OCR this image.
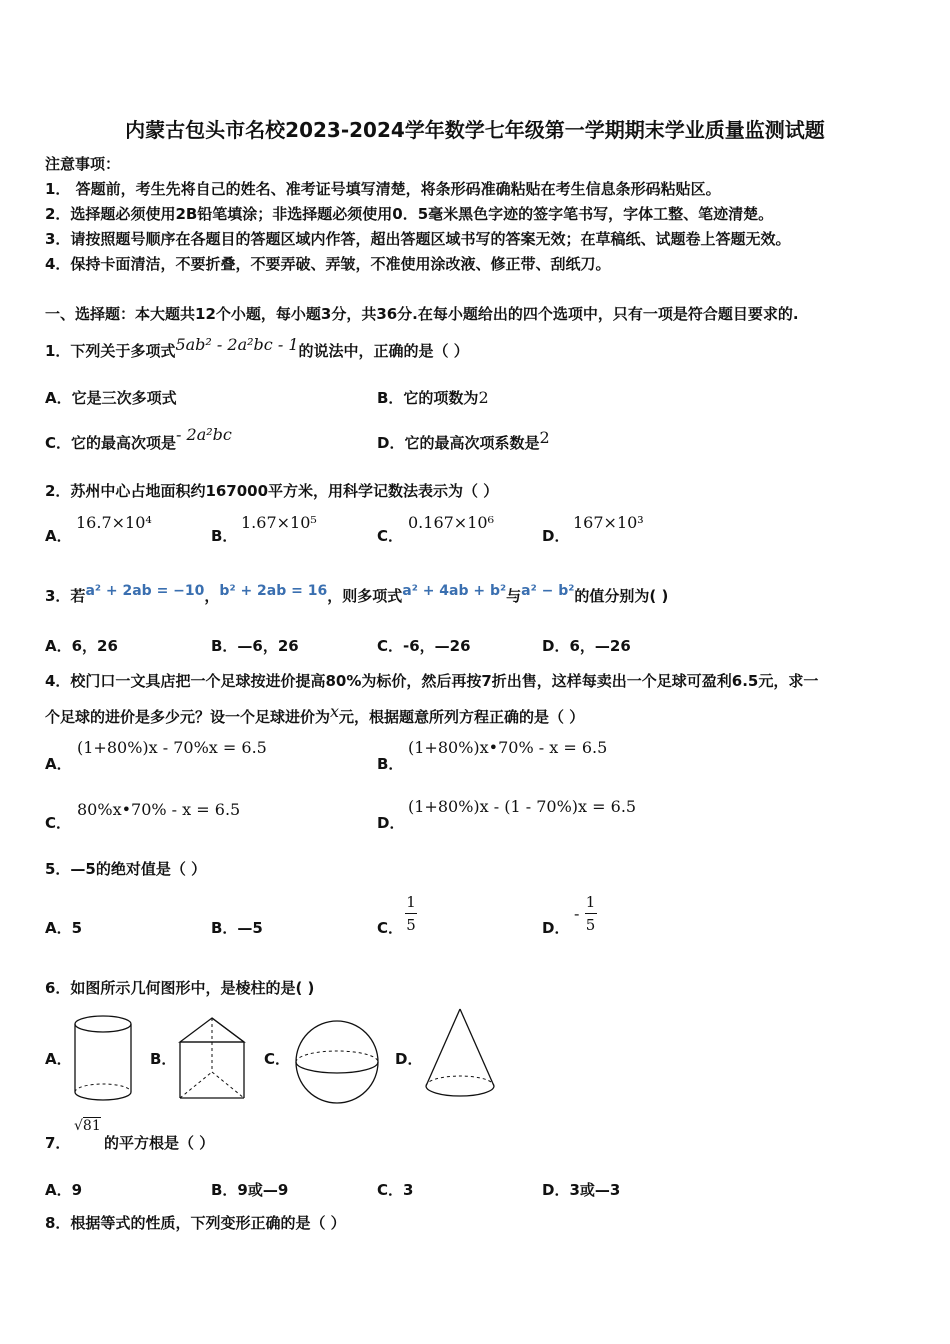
内蒙古包头市名校2023-2024学年数学七年级第一学期期末学业质量监测试题
注意事项：
1． 答题前，考生先将自己的姓名、准考证号填写清楚，将条形码准确粘贴在考生信息条形码粘贴区。
2．选择题必须使用2B铅笔填涂；非选择题必须使用0．5毫米黑色字迹的签字笔书写，字体工整、笔迹清楚。
3．请按照题号顺序在各题目的答题区域内作答，超出答题区域书写的答案无效；在草稿纸、试题卷上答题无效。
4．保持卡面清洁，不要折叠，不要弄破、弄皱，不准使用涂改液、修正带、刮纸刀。
一、选择题：本大题共12个小题，每小题3分，共36分.在每小题给出的四个选项中，只有一项是符合题目要求的.
1．下列关于多项式5ab² - 2a²bc - 1的说法中，正确的是（ ）
A．它是三次多项式	B．它的项数为2
C．它的最高次项是- 2a²bc	D．它的最高次项系数是2
2．苏州中心占地面积约167000平方米，用科学记数法表示为（ ）
A．
16.7×10⁴
B．
1.67×10⁵
C．
0.167×10⁶
D．
167×10³
3．若a² + 2ab = −10，b² + 2ab = 16，则多项式a² + 4ab + b²与a² − b²的值分别为( )
A．6，26	B．—6，26	C．-6，—26	D．6，—26
4．校门口一文具店把一个足球按进价提高80%为标价，然后再按7折出售，这样每卖出一个足球可盈利6.5元，求一
个足球的进价是多少元？设一个足球进价为x元，根据题意所列方程正确的是（ ）
A．
(1+80%)x - 70%x = 6.5
B．
(1+80%)x•70% - x = 6.5
C．
80%x•70% - x = 6.5
D．
(1+80%)x - (1 - 70%)x = 6.5
5．—5的绝对值是（ ）
A．5	B．—5	C． $\frac{1}{5}$	D．
- $\frac{1}{5}$
6．如图所示几何图形中，是棱柱的是( )
A．	B．	C．	D．
7．
√81
的平方根是（ ）
A．9	B．9或—9	C．3	D．3或—3
8．根据等式的性质，下列变形正确的是（ ）
